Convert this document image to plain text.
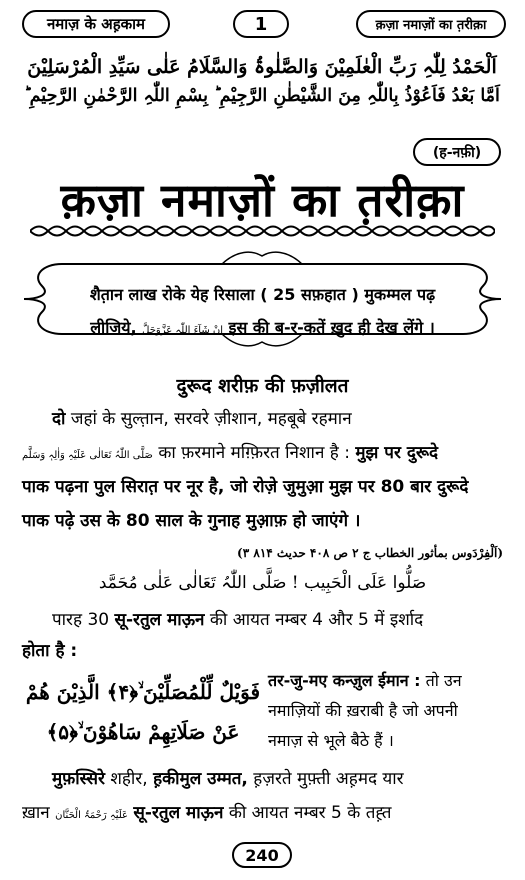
नमाज़ के अह़काम	1	क़ज़ा नमाज़ों का त़रीक़ा
اَلْحَمْدُ لِلّٰہِ رَبِّ الْعٰلَمِیْنَ وَالصَّلٰوۃُ وَالسَّلَامُ عَلٰی سَیِّدِ الْمُرْسَلِیْنَ
اَمَّا بَعْدُ فَاَعُوْذُ بِاللّٰہِ مِنَ الشَّیْطٰنِ الرَّجِیْمِ ؕ بِسْمِ اللّٰہِ الرَّحْمٰنِ الرَّحِیْمِ ؕ
(ह-नफ़ी)
क़ज़ा नमाज़ों का त़रीक़ा
शैत़ान लाख रोके येह रिसाला ( 25 सफ़हात ) मुकम्मल पढ़
लीजिये, اِنْ شَآءَ اللّٰہ عَزَّوَجَلَّ इस की ब-र-कतें ख़ुद ही देख लेंगे ।
दुरूद शरीफ़ की फ़ज़ीलत
दो जहां के सुल्त़ान, सरवरे ज़ीशान, महबूबे रहमान
صَلَّی اللّٰہُ تَعَالٰی عَلَیْہِ وَاٰلِہٖ وَسَلَّم का फ़रमाने मग़्फ़िरत निशान है : मुझ पर दुरूदे
पाक पढ़ना पुल सिरात़ पर नूर है, जो रोज़े जुमुआ़ मुझ पर 80 बार दुरूदे
पाक पढ़े उस के 80 साल के गुनाह मुआ़फ़ हो जाएंगे ।
(اَلْفِرْدَوس بمأثور الخطاب ج ۲ ص ۴۰۸ حدیث ۸۱۴ ۳)
صَلُّوا عَلَی الْحَبِیب ! صَلَّی اللّٰہُ تَعَالٰی عَلٰی مُحَمَّد
पारह 30 सू-रतुल माऊ़न की आयत नम्बर 4 और 5 में इर्शाद
होता है :
فَوَیْلٌ لِّلْمُصَلِّیْنَ ۙ﴿۴﴾ الَّذِیْنَ هُمْ
عَنْ صَلَاتِهِمْ سَاهُوْنَ ۙ﴿۵﴾
तर-जु-मए कन्ज़ुल ईमान : तो उन
नमाज़ियों की ख़राबी है जो अपनी
नमाज़ से भूले बैठे हैं ।
मुफ़स्सिरे शहीर, ह़कीमुल उम्मत, ह़ज़रते मुफ़्ती अह़मद यार
ख़ान عَلَیْہِ رَحْمَۃُ الْحَنَّان सू-रतुल माऊ़न की आयत नम्बर 5 के तह़्त
240
